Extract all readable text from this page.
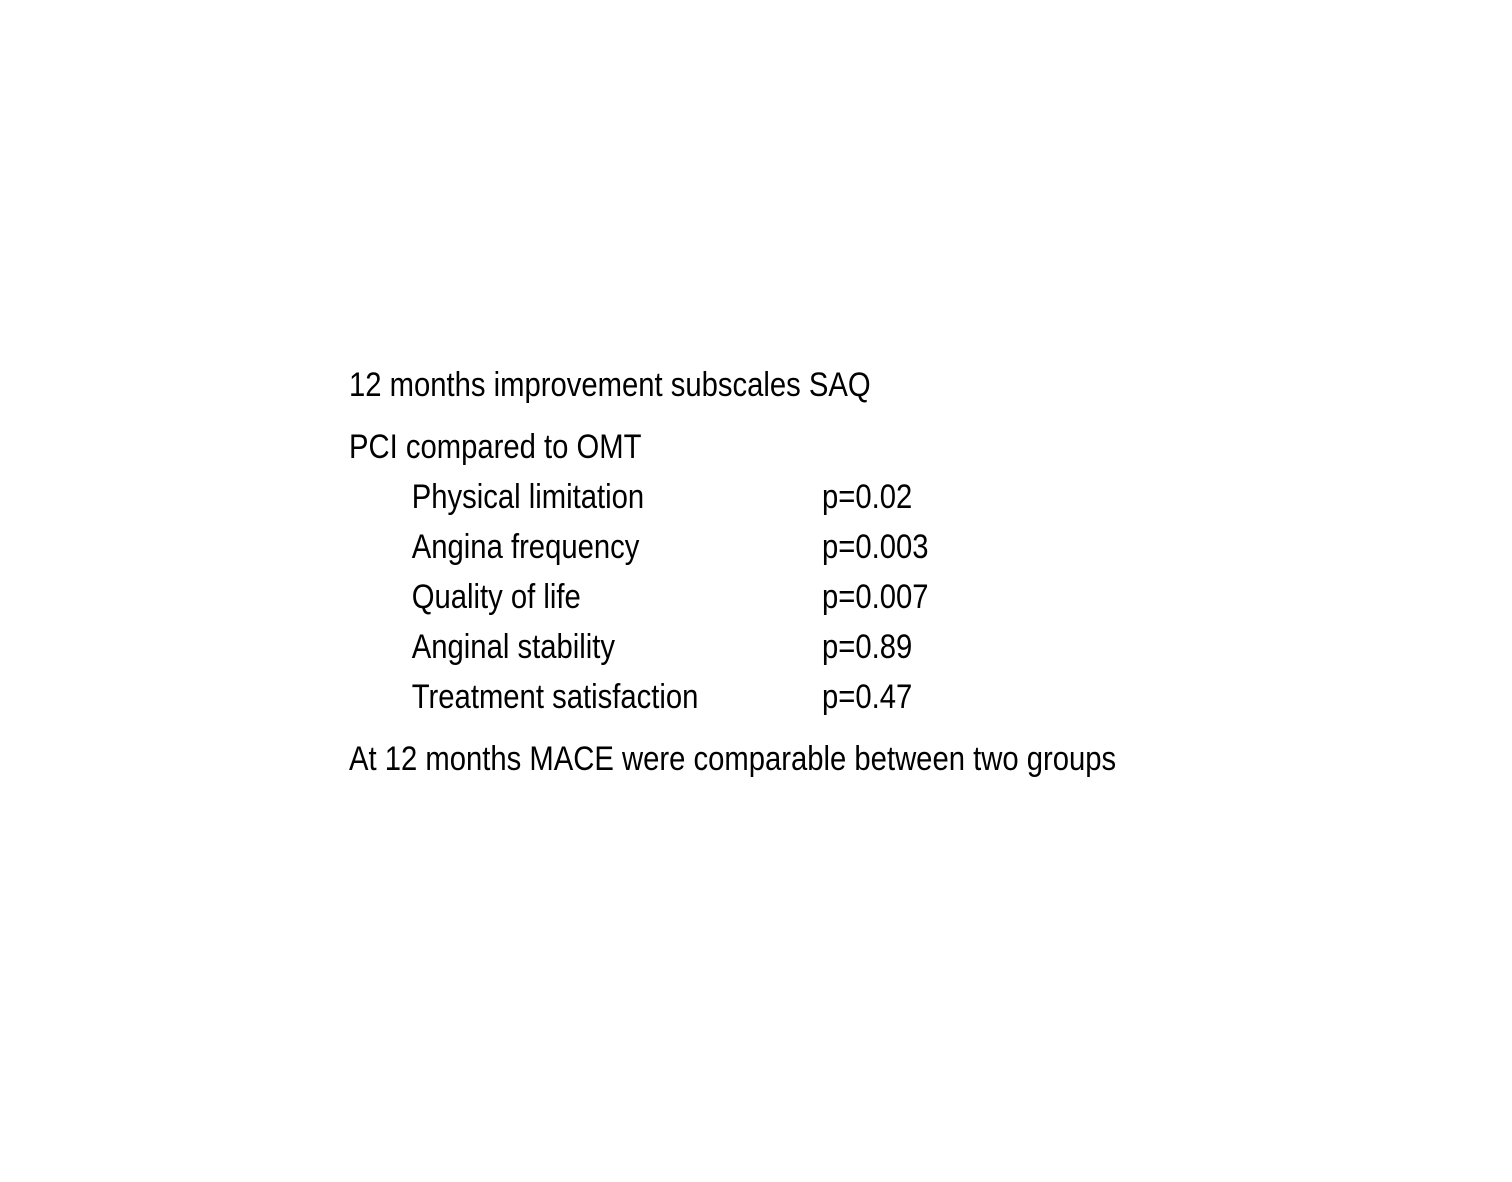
12 months improvement subscales SAQ
PCI compared to OMT
Physical limitation	p=0.02
Angina frequency	p=0.003
Quality of life	p=0.007
Anginal stability	p=0.89
Treatment satisfaction	p=0.47
At 12 months MACE were comparable between two groups
